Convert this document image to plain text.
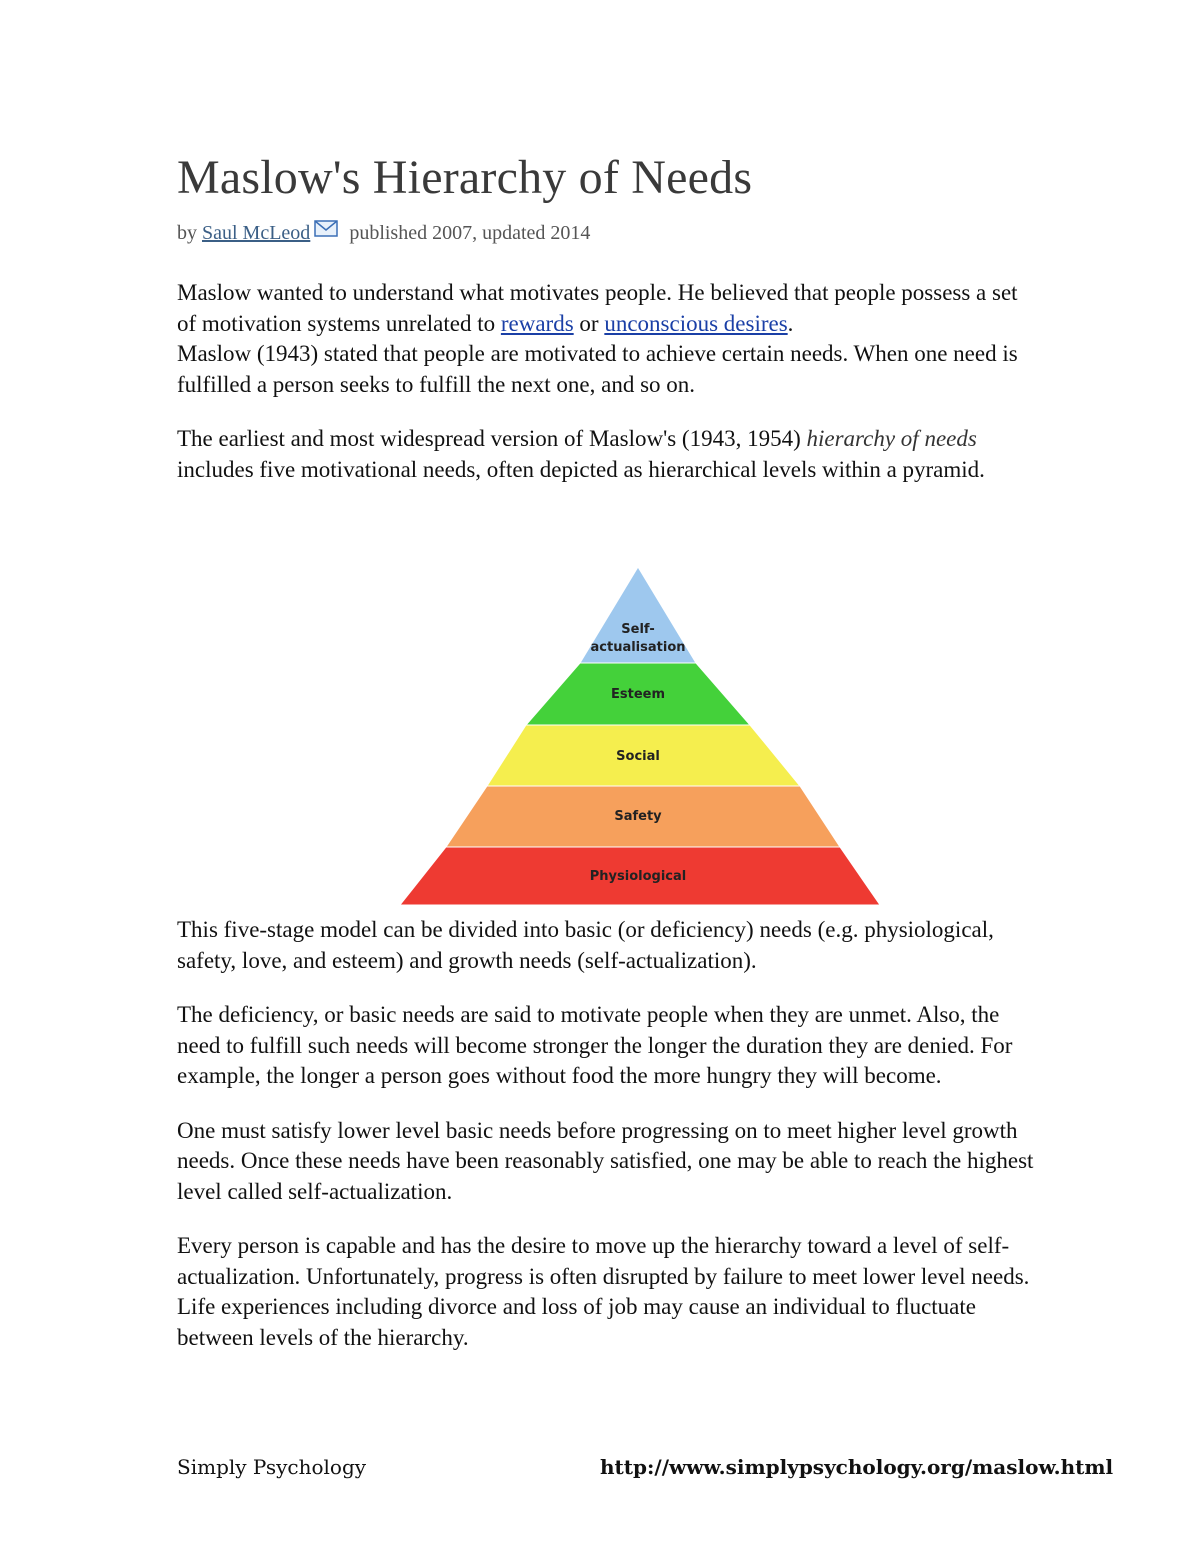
Maslow's Hierarchy of Needs
by Saul McLeod published 2007, updated 2014

Maslow wanted to understand what motivates people. He believed that people possess a set of motivation systems unrelated to rewards or unconscious desires.

Maslow (1943) stated that people are motivated to achieve certain needs. When one need is fulfilled a person seeks to fulfill the next one, and so on.

The earliest and most widespread version of Maslow's (1943, 1954) hierarchy of needs includes five motivational needs, often depicted as hierarchical levels within a pyramid.

Self-
actualisation
Esteem
Social
Safety
Physiological

This five-stage model can be divided into basic (or deficiency) needs (e.g. physiological, safety, love, and esteem) and growth needs (self-actualization).

The deficiency, or basic needs are said to motivate people when they are unmet. Also, the need to fulfill such needs will become stronger the longer the duration they are denied. For example, the longer a person goes without food the more hungry they will become.

One must satisfy lower level basic needs before progressing on to meet higher level growth needs. Once these needs have been reasonably satisfied, one may be able to reach the highest level called self-actualization.

Every person is capable and has the desire to move up the hierarchy toward a level of self-actualization. Unfortunately, progress is often disrupted by failure to meet lower level needs. Life experiences including divorce and loss of job may cause an individual to fluctuate between levels of the hierarchy.

Simply Psychology	http://www.simplypsychology.org/maslow.html
